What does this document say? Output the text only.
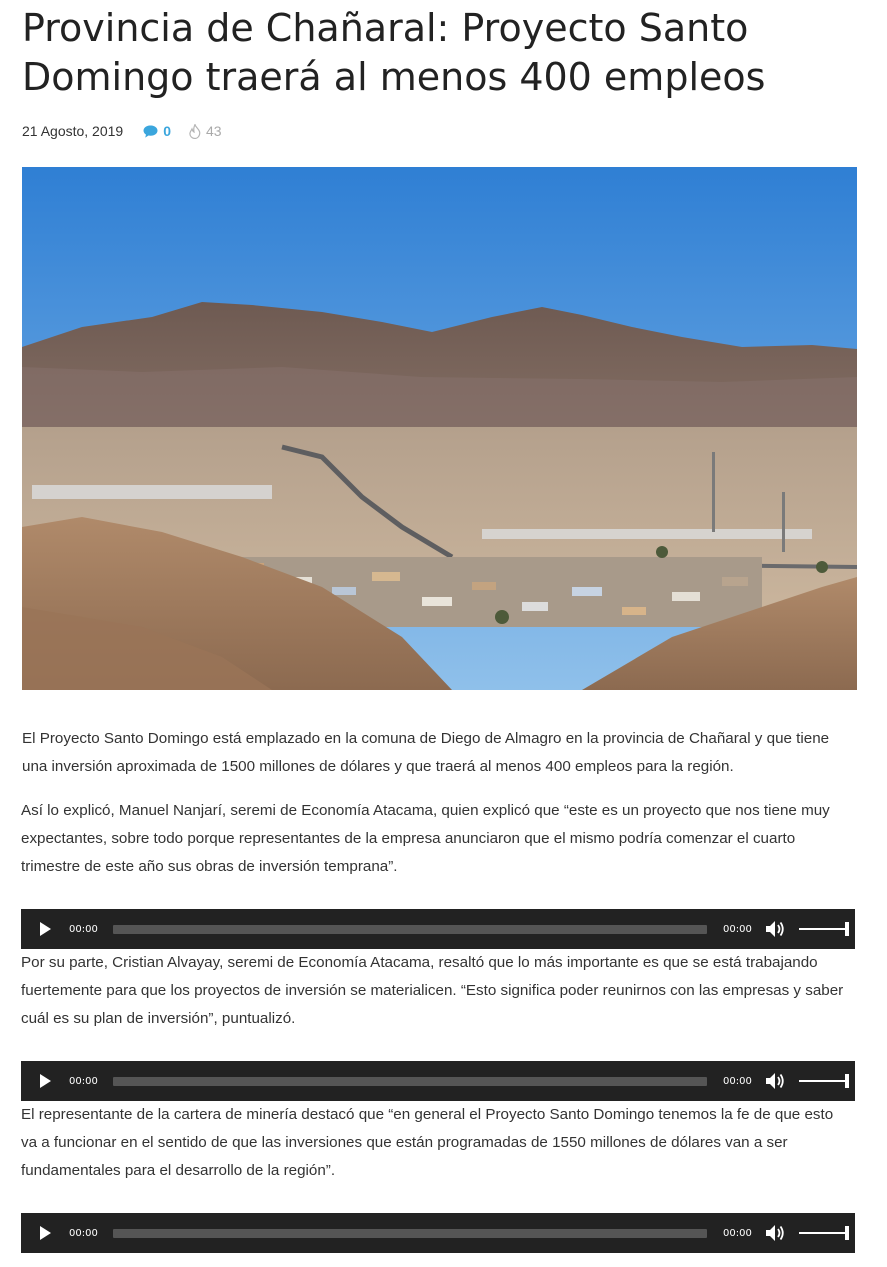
Provincia de Chañaral: Proyecto Santo Domingo traerá al menos 400 empleos
21 Agosto, 2019	0	43

El Proyecto Santo Domingo está emplazado en la comuna de Diego de Almagro en la provincia de Chañaral y que tiene una inversión aproximada de 1500 millones de dólares y que traerá al menos 400 empleos para la región.

Así lo explicó, Manuel Nanjarí, seremi de Economía Atacama, quien explicó que “este es un proyecto que nos tiene muy expectantes, sobre todo porque representantes de la empresa anunciaron que el mismo podría comenzar el cuarto trimestre de este año sus obras de inversión temprana”.

00:00	00:00

Por su parte, Cristian Alvayay, seremi de Economía Atacama, resaltó que lo más importante es que se está trabajando fuertemente para que los proyectos de inversión se materialicen. “Esto significa poder reunirnos con las empresas y saber cuál es su plan de inversión”, puntualizó.

00:00	00:00

El representante de la cartera de minería destacó que “en general el Proyecto Santo Domingo tenemos la fe de que esto va a funcionar en el sentido de que las inversiones que están programadas de 1550 millones de dólares van a ser fundamentales para el desarrollo de la región”.

00:00	00:00
